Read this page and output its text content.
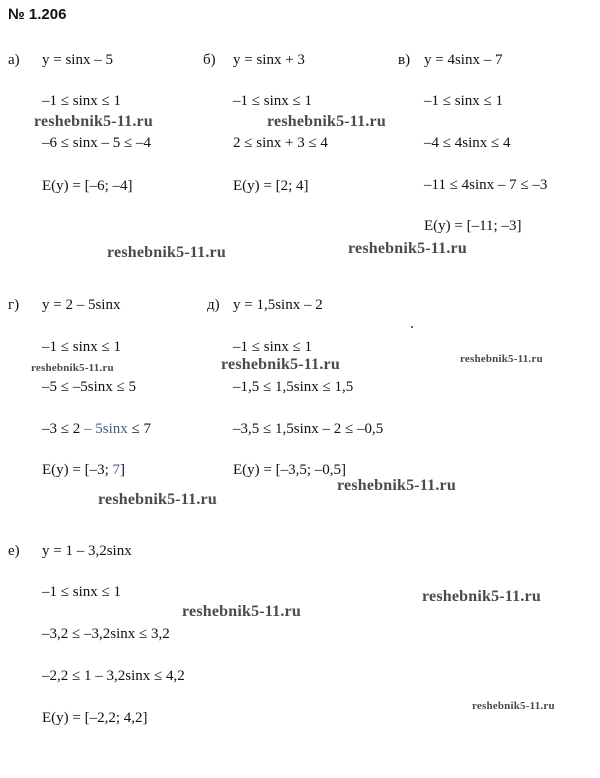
№ 1.206
а) y = sinx – 5
–1 ≤ sinx ≤ 1
–6 ≤ sinx – 5 ≤ –4
E(y) = [–6; –4]
б) y = sinx + 3
–1 ≤ sinx ≤ 1
2 ≤ sinx + 3 ≤ 4
E(y) = [2; 4]
в) y = 4sinx – 7
–1 ≤ sinx ≤ 1
–4 ≤ 4sinx ≤ 4
–11 ≤ 4sinx – 7 ≤ –3
E(y) = [–11; –3]
г) y = 2 – 5sinx
–1 ≤ sinx ≤ 1
–5 ≤ –5sinx ≤ 5
–3 ≤ 2 – 5sinx ≤ 7
E(y) = [–3; 7]
д) y = 1,5sinx – 2
–1 ≤ sinx ≤ 1
–1,5 ≤ 1,5sinx ≤ 1,5
–3,5 ≤ 1,5sinx – 2 ≤ –0,5
E(y) = [–3,5; –0,5]
е) y = 1 – 3,2sinx
–1 ≤ sinx ≤ 1
–3,2 ≤ –3,2sinx ≤ 3,2
–2,2 ≤ 1 – 3,2sinx ≤ 4,2
E(y) = [–2,2; 4,2]
reshebnik5-11.ru	reshebnik5-11.ru
reshebnik5-11.ru	reshebnik5-11.ru
reshebnik5-11.ru	reshebnik5-11.ru	reshebnik5-11.ru
reshebnik5-11.ru
reshebnik5-11.ru
reshebnik5-11.ru
reshebnik5-11.ru
reshebnik5-11.ru
